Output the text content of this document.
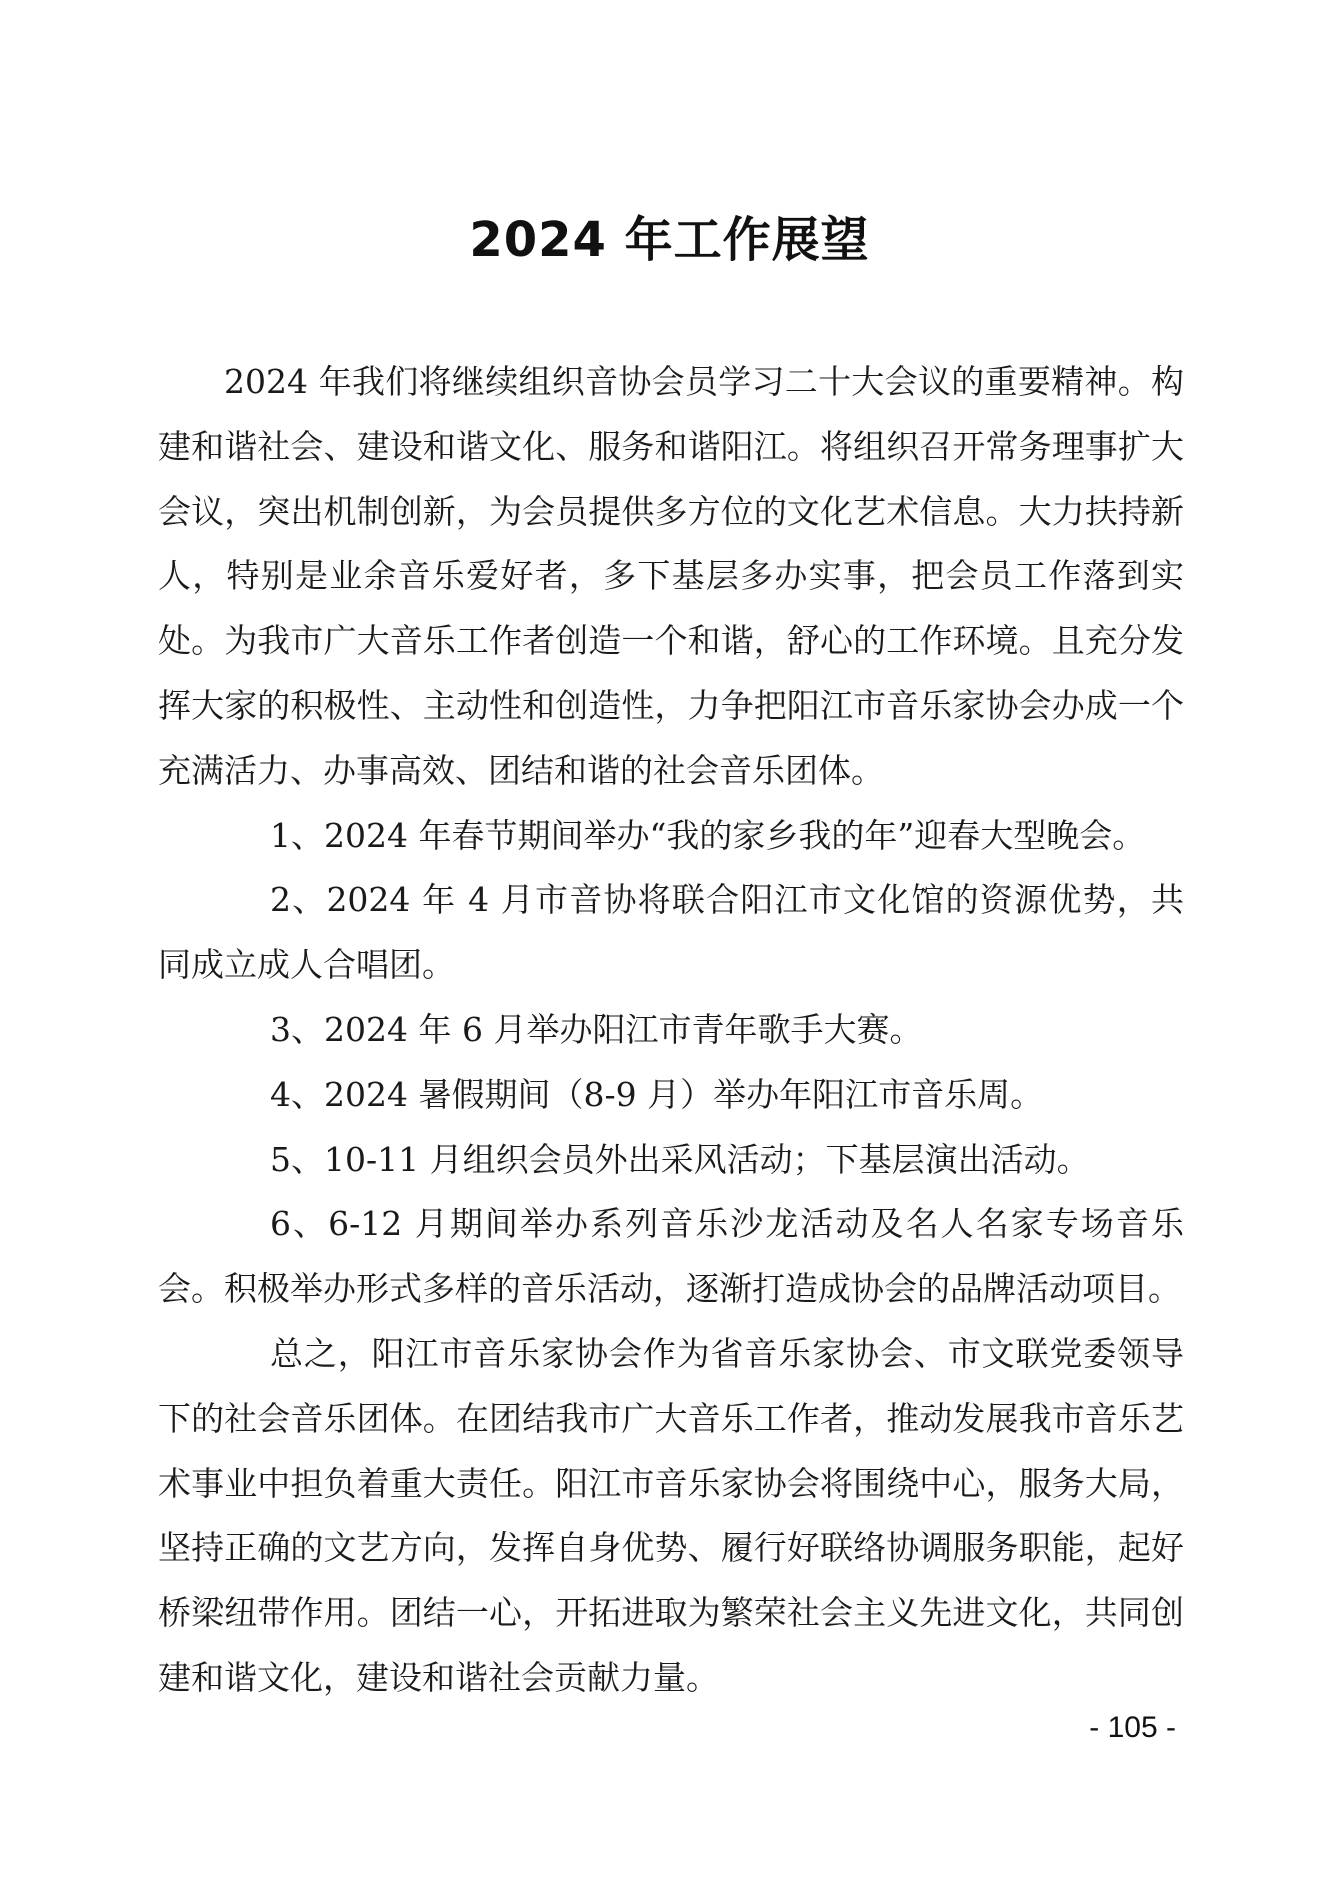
2024 年工作展望

2024 年我们将继续组织音协会员学习二十大会议的重要精神。构建和谐社会、建设和谐文化、服务和谐阳江。将组织召开常务理事扩大会议，突出机制创新，为会员提供多方位的文化艺术信息。大力扶持新人，特别是业余音乐爱好者，多下基层多办实事，把会员工作落到实处。为我市广大音乐工作者创造一个和谐，舒心的工作环境。且充分发挥大家的积极性、主动性和创造性，力争把阳江市音乐家协会办成一个充满活力、办事高效、团结和谐的社会音乐团体。

1、2024 年春节期间举办“我的家乡我的年”迎春大型晚会。

2、2024 年 4 月市音协将联合阳江市文化馆的资源优势，共同成立成人合唱团。

3、2024 年 6 月举办阳江市青年歌手大赛。

4、2024 暑假期间（8-9 月）举办年阳江市音乐周。

5、10-11 月组织会员外出采风活动；下基层演出活动。

6、6-12 月期间举办系列音乐沙龙活动及名人名家专场音乐会。积极举办形式多样的音乐活动，逐渐打造成协会的品牌活动项目。

总之，阳江市音乐家协会作为省音乐家协会、市文联党委领导下的社会音乐团体。在团结我市广大音乐工作者，推动发展我市音乐艺术事业中担负着重大责任。阳江市音乐家协会将围绕中心，服务大局，坚持正确的文艺方向，发挥自身优势、履行好联络协调服务职能，起好桥梁纽带作用。团结一心，开拓进取为繁荣社会主义先进文化，共同创建和谐文化，建设和谐社会贡献力量。

- 105 -
